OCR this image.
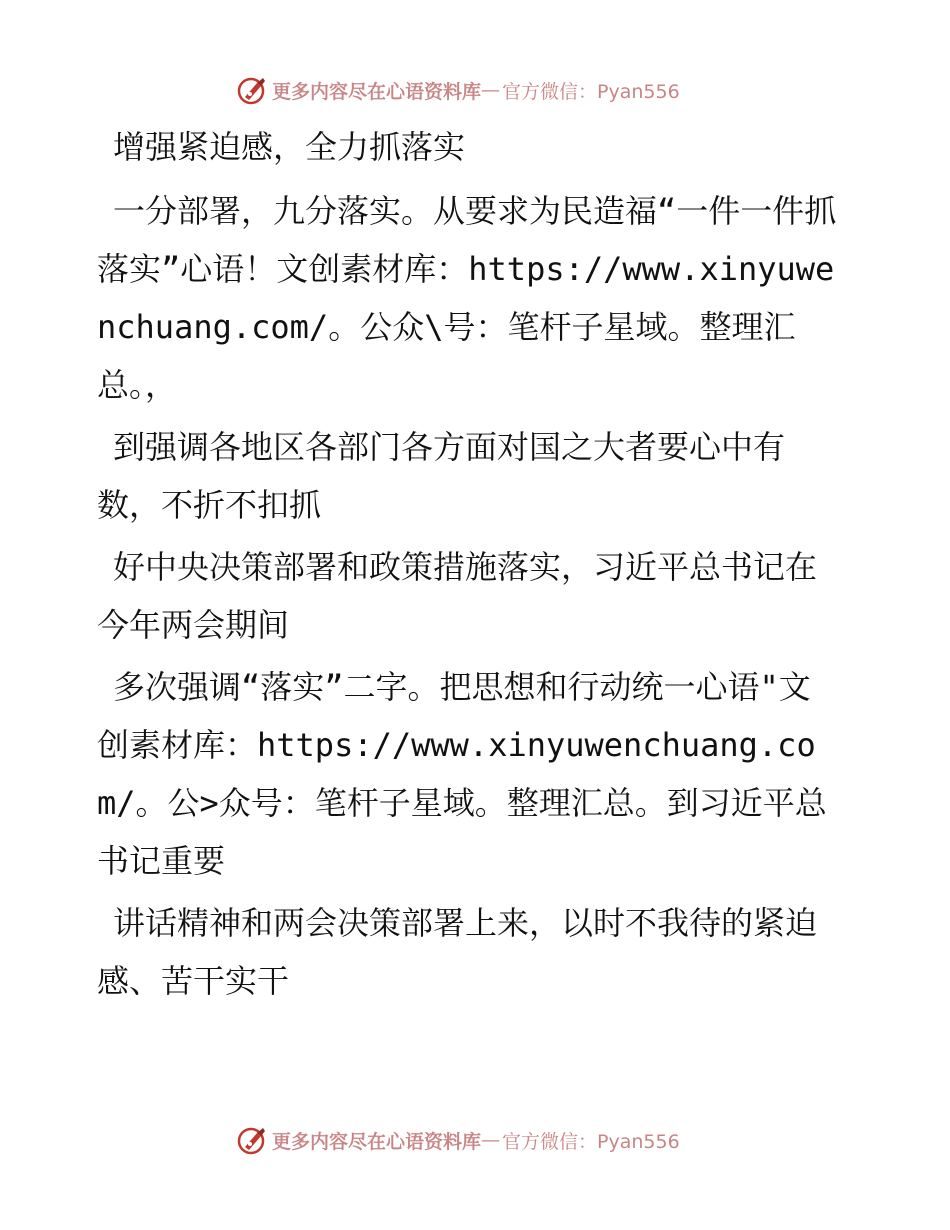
更多内容尽在心语资料库 — 官方微信：Pyan556

增强紧迫感，全力抓落实

一分部署，九分落实。从要求为民造福“一件一件抓落实”心语！文创素材库：https://www.xinyuwenchuang.com/。公众\号：笔杆子星域。整理汇总。，

到强调各地区各部门各方面对国之大者要心中有数，不折不扣抓

好中央决策部署和政策措施落实，习近平总书记在今年两会期间

多次强调“落实”二字。把思想和行动统一心语"文创素材库：https://www.xinyuwenchuang.com/。公>众号：笔杆子星域。整理汇总。到习近平总书记重要

讲话精神和两会决策部署上来，以时不我待的紧迫感、苦干实干

更多内容尽在心语资料库 — 官方微信：Pyan556
